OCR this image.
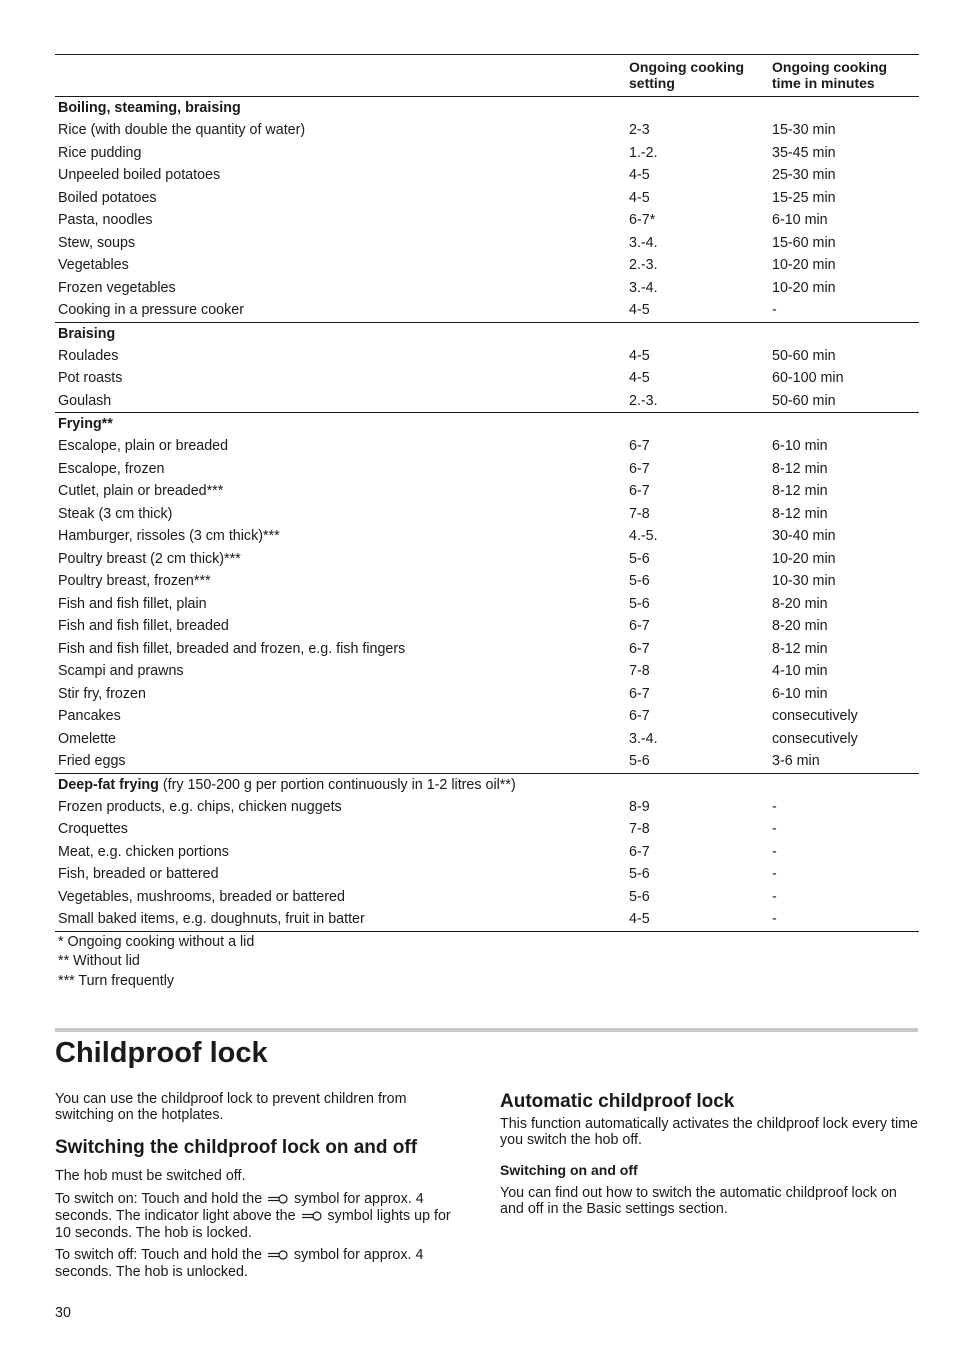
	Ongoing cooking setting	Ongoing cooking time in minutes
Boiling, steaming, braising		
Rice (with double the quantity of water)	2-3	15-30 min
Rice pudding	1.-2.	35-45 min
Unpeeled boiled potatoes	4-5	25-30 min
Boiled potatoes	4-5	15-25 min
Pasta, noodles	6-7*	6-10 min
Stew, soups	3.-4.	15-60 min
Vegetables	2.-3.	10-20 min
Frozen vegetables	3.-4.	10-20 min
Cooking in a pressure cooker	4-5	-
Braising		
Roulades	4-5	50-60 min
Pot roasts	4-5	60-100 min
Goulash	2.-3.	50-60 min
Frying**		
Escalope, plain or breaded	6-7	6-10 min
Escalope, frozen	6-7	8-12 min
Cutlet, plain or breaded***	6-7	8-12 min
Steak (3 cm thick)	7-8	8-12 min
Hamburger, rissoles (3 cm thick)***	4.-5.	30-40 min
Poultry breast (2 cm thick)***	5-6	10-20 min
Poultry breast, frozen***	5-6	10-30 min
Fish and fish fillet, plain	5-6	8-20 min
Fish and fish fillet, breaded	6-7	8-20 min
Fish and fish fillet, breaded and frozen, e.g. fish fingers	6-7	8-12 min
Scampi and prawns	7-8	4-10 min
Stir fry, frozen	6-7	6-10 min
Pancakes	6-7	consecutively
Omelette	3.-4.	consecutively
Fried eggs	5-6	3-6 min
Deep-fat frying (fry 150-200 g per portion continuously in 1-2 litres oil**)		
Frozen products, e.g. chips, chicken nuggets	8-9	-
Croquettes	7-8	-
Meat, e.g. chicken portions	6-7	-
Fish, breaded or battered	5-6	-
Vegetables, mushrooms, breaded or battered	5-6	-
Small baked items, e.g. doughnuts, fruit in batter	4-5	-
* Ongoing cooking without a lid
** Without lid
*** Turn frequently
Childproof lock

You can use the childproof lock to prevent children from switching on the hotplates.

Switching the childproof lock on and off

The hob must be switched off.

To switch on: Touch and hold the symbol for approx. 4 seconds. The indicator light above the symbol lights up for 10 seconds. The hob is locked.

To switch off: Touch and hold the symbol for approx. 4 seconds. The hob is unlocked.

Automatic childproof lock

This function automatically activates the childproof lock every time you switch the hob off.

Switching on and off

You can find out how to switch the automatic childproof lock on and off in the Basic settings section.

30
